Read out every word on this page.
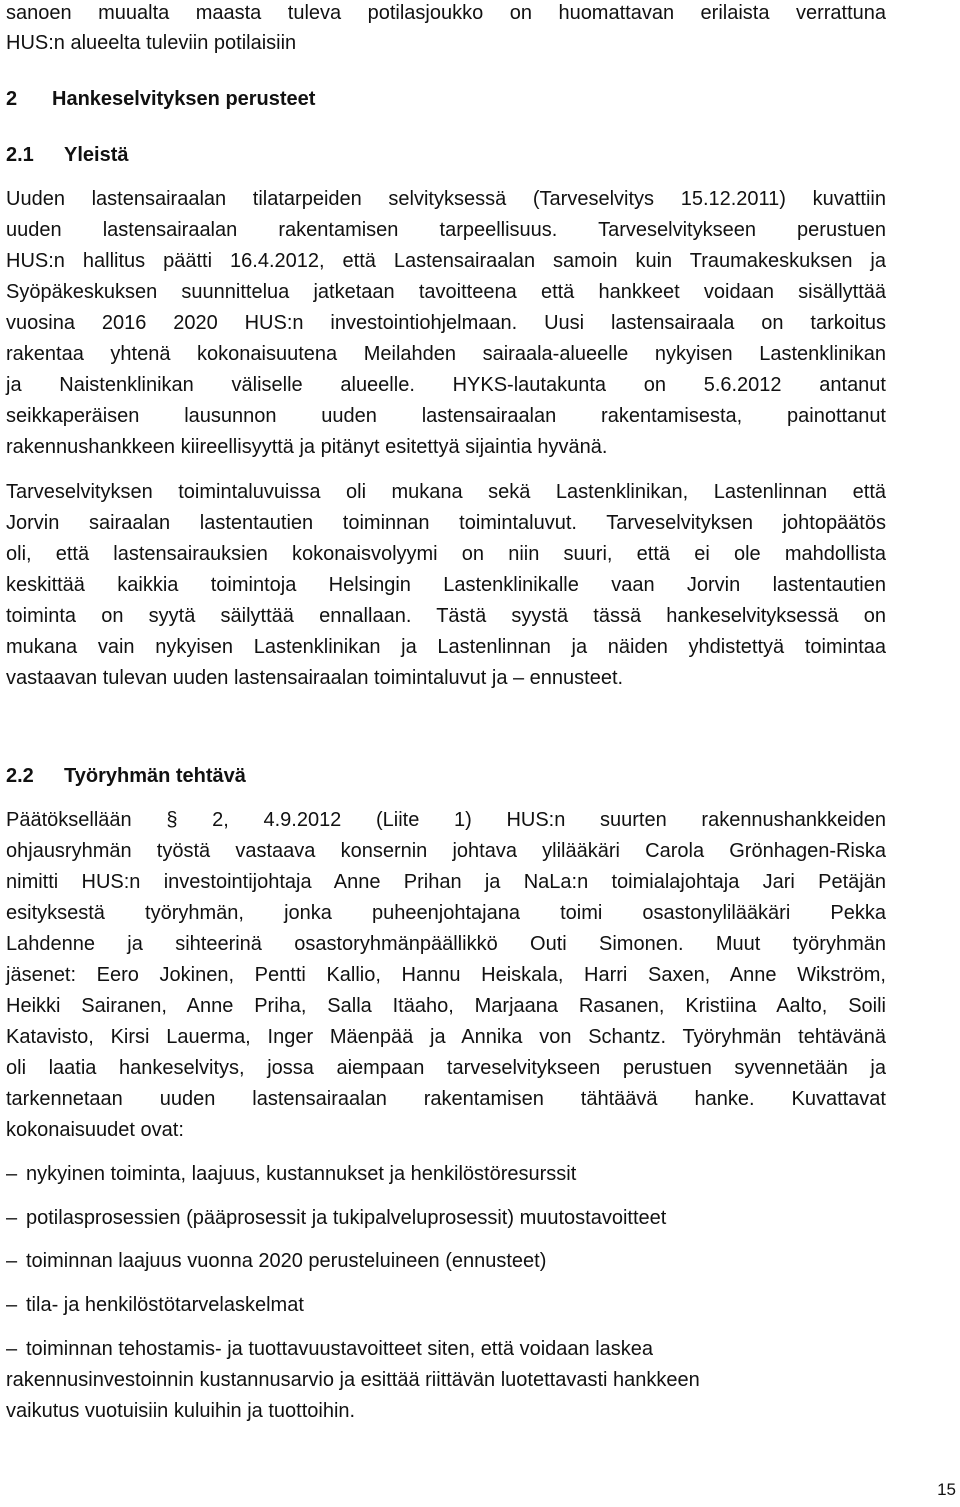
sanoen muualta maasta tuleva potilasjoukko on huomattavan erilaista verrattuna
HUS:n alueelta tuleviin potilaisiin
2 Hankeselvityksen perusteet
2.1 Yleistä
Uuden lastensairaalan tilatarpeiden selvityksessä (Tarveselvitys 15.12.2011) kuvattiin
uuden lastensairaalan rakentamisen tarpeellisuus. Tarveselvitykseen perustuen
HUS:n hallitus päätti 16.4.2012, että Lastensairaalan samoin kuin Traumakeskuksen ja
Syöpäkeskuksen suunnittelua jatketaan tavoitteena että hankkeet voidaan sisällyttää
vuosina 2016 2020 HUS:n investointiohjelmaan. Uusi lastensairaala on tarkoitus
rakentaa yhtenä kokonaisuutena Meilahden sairaala-alueelle nykyisen Lastenklinikan
ja Naistenklinikan väliselle alueelle. HYKS-lautakunta on 5.6.2012 antanut
seikkaperäisen lausunnon uuden lastensairaalan rakentamisesta, painottanut
rakennushankkeen kiireellisyyttä ja pitänyt esitettyä sijaintia hyvänä.
Tarveselvityksen toimintaluvuissa oli mukana sekä Lastenklinikan, Lastenlinnan että
Jorvin sairaalan lastentautien toiminnan toimintaluvut. Tarveselvityksen johtopäätös
oli, että lastensairauksien kokonaisvolyymi on niin suuri, että ei ole mahdollista
keskittää kaikkia toimintoja Helsingin Lastenklinikalle vaan Jorvin lastentautien
toiminta on syytä säilyttää ennallaan. Tästä syystä tässä hankeselvityksessä on
mukana vain nykyisen Lastenklinikan ja Lastenlinnan ja näiden yhdistettyä toimintaa
vastaavan tulevan uuden lastensairaalan toimintaluvut ja – ennusteet.
2.2 Työryhmän tehtävä
Päätöksellään § 2, 4.9.2012 (Liite 1) HUS:n suurten rakennushankkeiden
ohjausryhmän työstä vastaava konsernin johtava ylilääkäri Carola Grönhagen-Riska
nimitti HUS:n investointijohtaja Anne Prihan ja NaLa:n toimialajohtaja Jari Petäjän
esityksestä työryhmän, jonka puheenjohtajana toimi osastonylilääkäri Pekka
Lahdenne ja sihteerinä osastoryhmänpäällikkö Outi Simonen. Muut työryhmän
jäsenet: Eero Jokinen, Pentti Kallio, Hannu Heiskala, Harri Saxen, Anne Wikström,
Heikki Sairanen, Anne Priha, Salla Itäaho, Marjaana Rasanen, Kristiina Aalto, Soili
Katavisto, Kirsi Lauerma, Inger Mäenpää ja Annika von Schantz. Työryhmän tehtävänä
oli laatia hankeselvitys, jossa aiempaan tarveselvitykseen perustuen syvennetään ja
tarkennetaan uuden lastensairaalan rakentamisen tähtäävä hanke. Kuvattavat
kokonaisuudet ovat:
– nykyinen toiminta, laajuus, kustannukset ja henkilöstöresurssit
– potilasprosessien (pääprosessit ja tukipalveluprosessit) muutostavoitteet
– toiminnan laajuus vuonna 2020 perusteluineen (ennusteet)
– tila- ja henkilöstötarvelaskelmat
– toiminnan tehostamis- ja tuottavuustavoitteet siten, että voidaan laskea
rakennusinvestoinnin kustannusarvio ja esittää riittävän luotettavasti hankkeen
vaikutus vuotuisiin kuluihin ja tuottoihin.
15
